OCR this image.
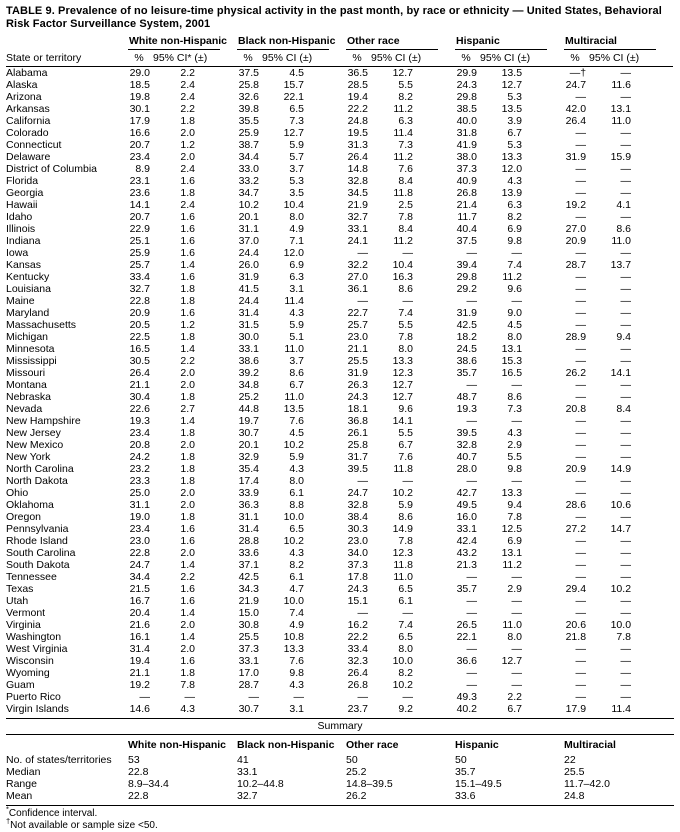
TABLE 9. Prevalence of no leisure-time physical activity in the past month, by race or ethnicity — United States, Behavioral Risk Factor Surveillance System, 2001

	White non-Hispanic		Black non-Hispanic		Other race		Hispanic		Multiracial	

State or territory	%	95% CI* (±)	%	95% CI (±)	%	95% CI (±)	%	95% CI (±)	%	95% CI (±)
Alabama	29.0	2.2	37.5	4.5	36.5	12.7	29.9	13.5	—†	—
Alaska	18.5	2.4	25.8	15.7	28.5	5.5	24.3	12.7	24.7	11.6
Arizona	19.8	2.4	32.6	22.1	19.4	8.2	29.8	5.3	—	—
Arkansas	30.1	2.2	39.8	6.5	22.2	11.2	38.5	13.5	42.0	13.1
California	17.9	1.8	35.5	7.3	24.8	6.3	40.0	3.9	26.4	11.0
Colorado	16.6	2.0	25.9	12.7	19.5	11.4	31.8	6.7	—	—
Connecticut	20.7	1.2	38.7	5.9	31.3	7.3	41.9	5.3	—	—
Delaware	23.4	2.0	34.4	5.7	26.4	11.2	38.0	13.3	31.9	15.9
District of Columbia	8.9	2.4	33.0	3.7	14.8	7.6	37.3	12.0	—	—
Florida	23.1	1.6	33.2	5.3	32.8	8.4	40.9	4.3	—	—
Georgia	23.6	1.8	34.7	3.5	34.5	11.8	26.8	13.9	—	—
Hawaii	14.1	2.4	10.2	10.4	21.9	2.5	21.4	6.3	19.2	4.1
Idaho	20.7	1.6	20.1	8.0	32.7	7.8	11.7	8.2	—	—
Illinois	22.9	1.6	31.1	4.9	33.1	8.4	40.4	6.9	27.0	8.6
Indiana	25.1	1.6	37.0	7.1	24.1	11.2	37.5	9.8	20.9	11.0
Iowa	25.9	1.6	24.4	12.0	—	—	—	—	—	—
Kansas	25.7	1.4	26.0	6.9	32.2	10.4	39.4	7.4	28.7	13.7
Kentucky	33.4	1.6	31.9	6.3	27.0	16.3	29.8	11.2	—	—
Louisiana	32.7	1.8	41.5	3.1	36.1	8.6	29.2	9.6	—	—
Maine	22.8	1.8	24.4	11.4	—	—	—	—	—	—
Maryland	20.9	1.6	31.4	4.3	22.7	7.4	31.9	9.0	—	—
Massachusetts	20.5	1.2	31.5	5.9	25.7	5.5	42.5	4.5	—	—
Michigan	22.5	1.8	30.0	5.1	23.0	7.8	18.2	8.0	28.9	9.4
Minnesota	16.5	1.4	33.1	11.0	21.1	8.0	24.5	13.1	—	—
Mississippi	30.5	2.2	38.6	3.7	25.5	13.3	38.6	15.3	—	—
Missouri	26.4	2.0	39.2	8.6	31.9	12.3	35.7	16.5	26.2	14.1
Montana	21.1	2.0	34.8	6.7	26.3	12.7	—	—	—	—
Nebraska	30.4	1.8	25.2	11.0	24.3	12.7	48.7	8.6	—	—
Nevada	22.6	2.7	44.8	13.5	18.1	9.6	19.3	7.3	20.8	8.4
New Hampshire	19.3	1.4	19.7	7.6	36.8	14.1	—	—	—	—
New Jersey	23.4	1.8	30.7	4.5	26.1	5.5	39.5	4.3	—	—
New Mexico	20.8	2.0	20.1	10.2	25.8	6.7	32.8	2.9	—	—
New York	24.2	1.8	32.9	5.9	31.7	7.6	40.7	5.5	—	—
North Carolina	23.2	1.8	35.4	4.3	39.5	11.8	28.0	9.8	20.9	14.9
North Dakota	23.3	1.8	17.4	8.0	—	—	—	—	—	—
Ohio	25.0	2.0	33.9	6.1	24.7	10.2	42.7	13.3	—	—
Oklahoma	31.1	2.0	36.3	8.8	32.8	5.9	49.5	9.4	28.6	10.6
Oregon	19.0	1.8	31.1	10.0	38.4	8.6	16.0	7.8	—	—
Pennsylvania	23.4	1.6	31.4	6.5	30.3	14.9	33.1	12.5	27.2	14.7
Rhode Island	23.0	1.6	28.8	10.2	23.0	7.8	42.4	6.9	—	—
South Carolina	22.8	2.0	33.6	4.3	34.0	12.3	43.2	13.1	—	—
South Dakota	24.7	1.4	37.1	8.2	37.3	11.8	21.3	11.2	—	—
Tennessee	34.4	2.2	42.5	6.1	17.8	11.0	—	—	—	—
Texas	21.5	1.6	34.3	4.7	24.3	6.5	35.7	2.9	29.4	10.2
Utah	16.7	1.6	21.9	10.0	15.1	6.1	—	—	—	—
Vermont	20.4	1.4	15.0	7.4	—	—	—	—	—	—
Virginia	21.6	2.0	30.8	4.9	16.2	7.4	26.5	11.0	20.6	10.0
Washington	16.1	1.4	25.5	10.8	22.2	6.5	22.1	8.0	21.8	7.8
West Virginia	31.4	2.0	37.3	13.3	33.4	8.0	—	—	—	—
Wisconsin	19.4	1.6	33.1	7.6	32.3	10.0	36.6	12.7	—	—
Wyoming	21.1	1.8	17.0	9.8	26.4	8.2	—	—	—	—
Guam	19.2	7.8	28.7	4.3	26.8	10.2	—	—	—	—
Puerto Rico	—	—	—	—	—	—	49.3	2.2	—	—
Virgin Islands	14.6	4.3	30.7	3.1	23.7	9.2	40.2	6.7	17.9	11.4
Summary
	White non-Hispanic	Black non-Hispanic	Other race	Hispanic	Multiracial
No. of states/territories	53	41	50	50	22
Median	22.8	33.1	25.2	35.7	25.5
Range	8.9–34.4	10.2–44.8	14.8–39.5	15.1–49.5	11.7–42.0
Mean	22.8	32.7	26.2	33.6	24.8
*Confidence interval.
†Not available or sample size <50.
